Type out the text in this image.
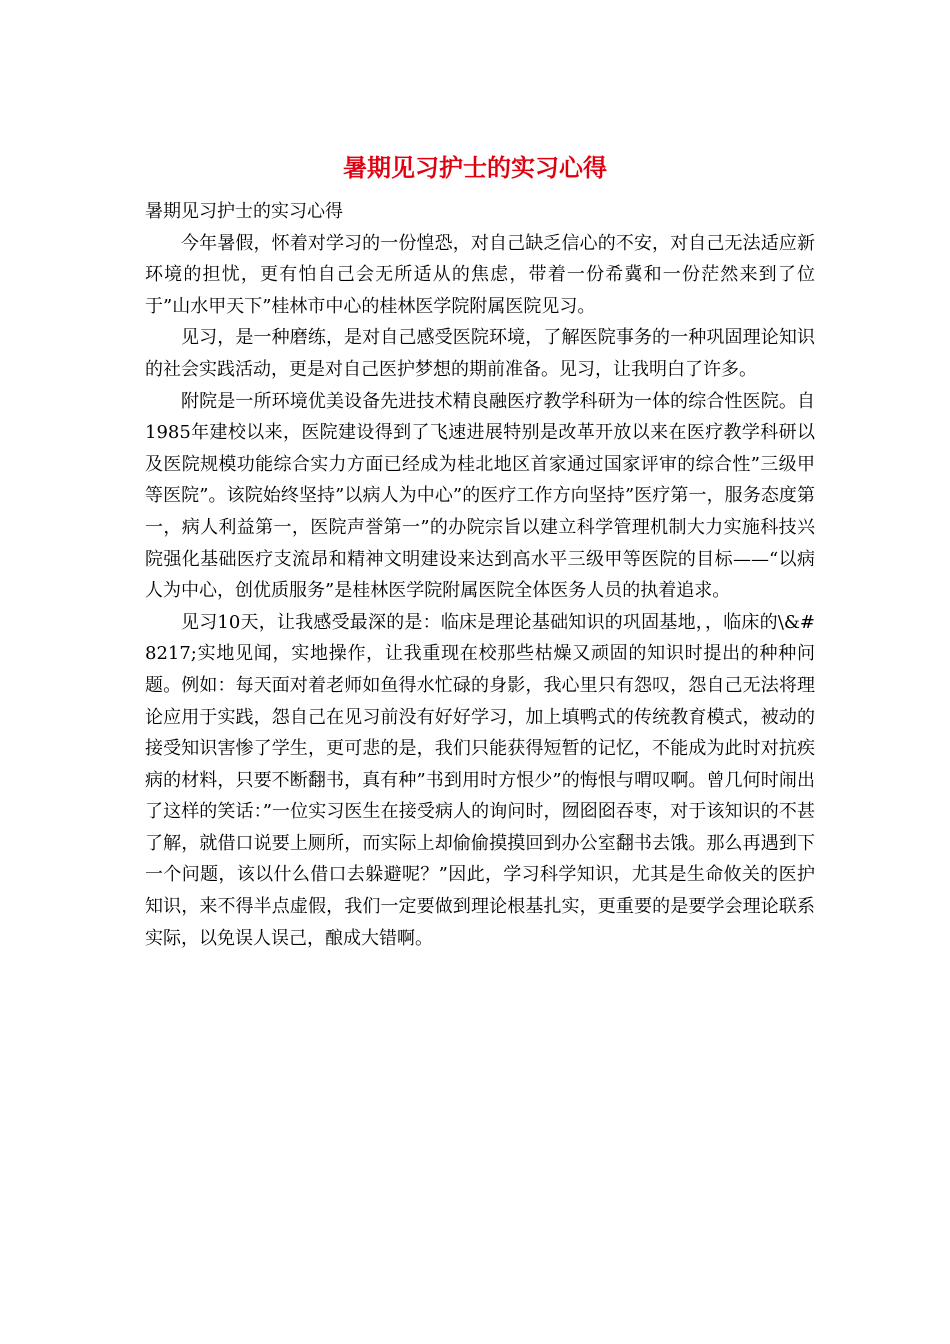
暑期见习护士的实习心得

暑期见习护士的实习心得

今年暑假，怀着对学习的一份惶恐，对自己缺乏信心的不安，对自己无法适应新环境的担忧，更有怕自己会无所适从的焦虑，带着一份希冀和一份茫然来到了位于”山水甲天下”桂林市中心的桂林医学院附属医院见习。

见习，是一种磨练，是对自己感受医院环境，了解医院事务的一种巩固理论知识的社会实践活动，更是对自己医护梦想的期前准备。见习，让我明白了许多。

附院是一所环境优美设备先进技术精良融医疗教学科研为一体的综合性医院。自1985年建校以来，医院建设得到了飞速进展特别是改革开放以来在医疗教学科研以及医院规模功能综合实力方面已经成为桂北地区首家通过国家评审的综合性”三级甲等医院”。该院始终坚持”以病人为中心”的医疗工作方向坚持”医疗第一，服务态度第一，病人利益第一，医院声誉第一”的办院宗旨以建立科学管理机制大力实施科技兴院强化基础医疗支流昂和精神文明建设来达到高水平三级甲等医院的目标——“以病人为中心，创优质服务”是桂林医学院附属医院全体医务人员的执着追求。

见习10天，让我感受最深的是：临床是理论基础知识的巩固基地，，临床的\&#8217;实地见闻，实地操作，让我重现在校那些枯燥又顽固的知识时提出的种种问题。例如：每天面对着老师如鱼得水忙碌的身影，我心里只有怨叹，怨自己无法将理论应用于实践，怨自己在见习前没有好好学习，加上填鸭式的传统教育模式，被动的接受知识害惨了学生，更可悲的是，我们只能获得短暂的记忆，不能成为此时对抗疾病的材料，只要不断翻书，真有种”书到用时方恨少”的悔恨与喟叹啊。曾几何时闹出了这样的笑话：”一位实习医生在接受病人的询问时，囫囵囵吞枣，对于该知识的不甚了解，就借口说要上厕所，而实际上却偷偷摸摸回到办公室翻书去饿。那么再遇到下一个问题，该以什么借口去躲避呢？”因此，学习科学知识，尤其是生命攸关的医护知识，来不得半点虚假，我们一定要做到理论根基扎实，更重要的是要学会理论联系实际，以免误人误己，酿成大错啊。
